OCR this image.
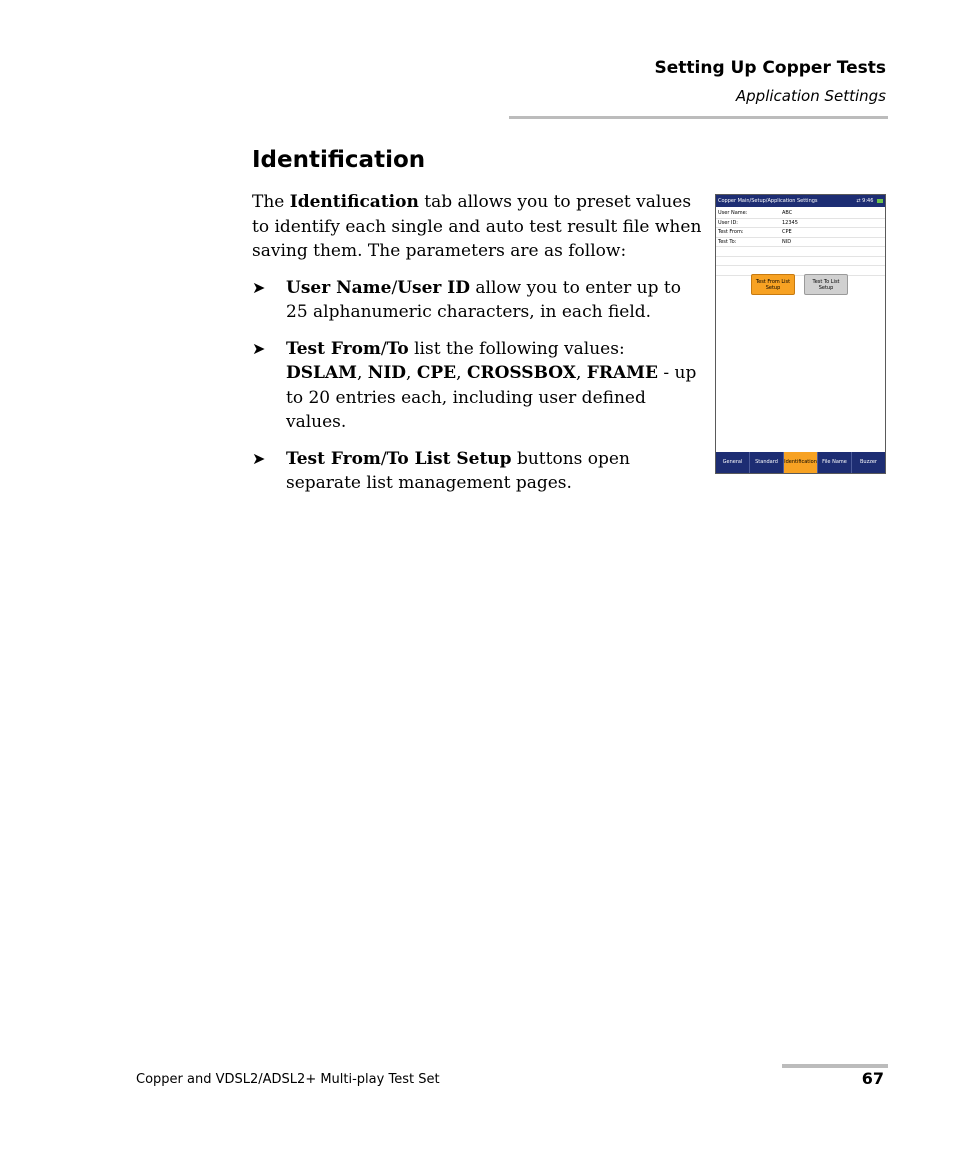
Setting Up Copper Tests
Application Settings
Identification

The Identification tab allows you to preset values to identify each single and auto test result file when saving them. The parameters are as follow:

➤ User Name/User ID allow you to enter up to 25 alphanumeric characters, in each field.
➤ Test From/To list the following values: DSLAM, NID, CPE, CROSSBOX, FRAME - up to 20 entries each, including user defined values.
➤ Test From/To List Setup buttons open separate list management pages.
Copper Main/Setup/Application Settings	⇄ 9:46
User Name:	ABC
User ID:	12345
Test From:	CPE
Test To:	NID
Test From List Setup
Test To List Setup
General	Standard	Identification	File Name	Buzzer
Copper and VDSL2/ADSL2+ Multi-play Test Set	67
